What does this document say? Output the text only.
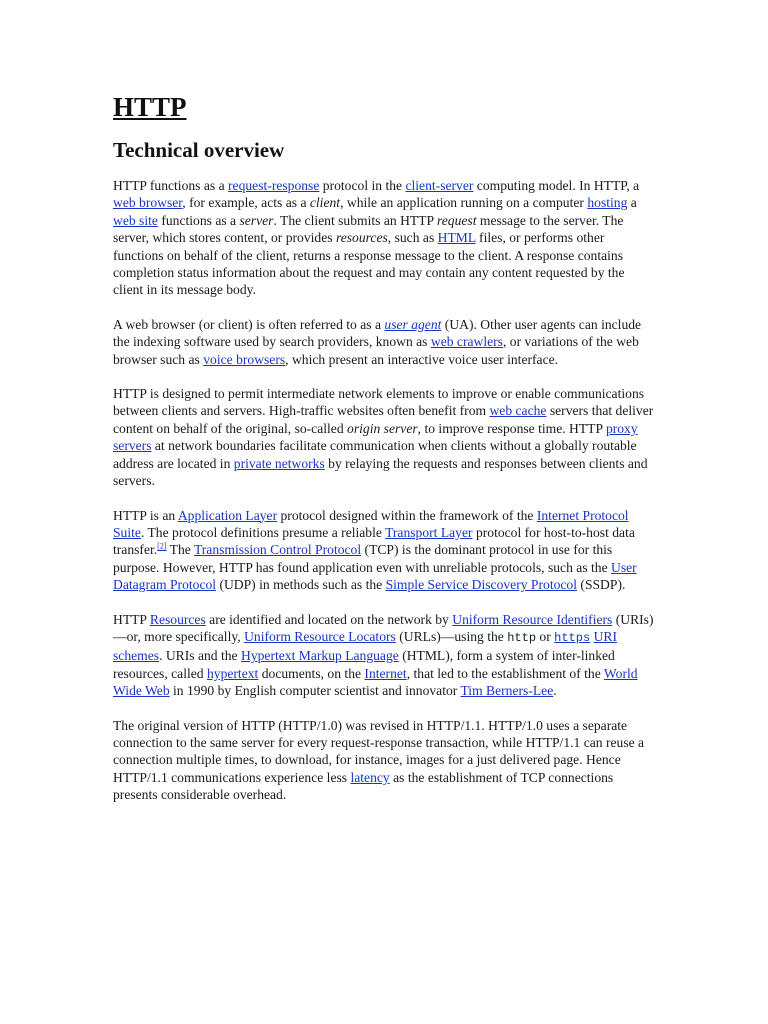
HTTP
Technical overview

HTTP functions as a request-response protocol in the client-server computing model. In HTTP, a web browser, for example, acts as a client, while an application running on a computer hosting a web site functions as a server. The client submits an HTTP request message to the server. The server, which stores content, or provides resources, such as HTML files, or performs other functions on behalf of the client, returns a response message to the client. A response contains completion status information about the request and may contain any content requested by the client in its message body.

A web browser (or client) is often referred to as a user agent (UA). Other user agents can include the indexing software used by search providers, known as web crawlers, or variations of the web browser such as voice browsers, which present an interactive voice user interface.

HTTP is designed to permit intermediate network elements to improve or enable communications between clients and servers. High-traffic websites often benefit from web cache servers that deliver content on behalf of the original, so-called origin server, to improve response time. HTTP proxy servers at network boundaries facilitate communication when clients without a globally routable address are located in private networks by relaying the requests and responses between clients and servers.

HTTP is an Application Layer protocol designed within the framework of the Internet Protocol Suite. The protocol definitions presume a reliable Transport Layer protocol for host-to-host data transfer.[2] The Transmission Control Protocol (TCP) is the dominant protocol in use for this purpose. However, HTTP has found application even with unreliable protocols, such as the User Datagram Protocol (UDP) in methods such as the Simple Service Discovery Protocol (SSDP).

HTTP Resources are identified and located on the network by Uniform Resource Identifiers (URIs)—or, more specifically, Uniform Resource Locators (URLs)—using the http or https URI schemes. URIs and the Hypertext Markup Language (HTML), form a system of inter-linked resources, called hypertext documents, on the Internet, that led to the establishment of the World Wide Web in 1990 by English computer scientist and innovator Tim Berners-Lee.

The original version of HTTP (HTTP/1.0) was revised in HTTP/1.1. HTTP/1.0 uses a separate connection to the same server for every request-response transaction, while HTTP/1.1 can reuse a connection multiple times, to download, for instance, images for a just delivered page. Hence HTTP/1.1 communications experience less latency as the establishment of TCP connections presents considerable overhead.
